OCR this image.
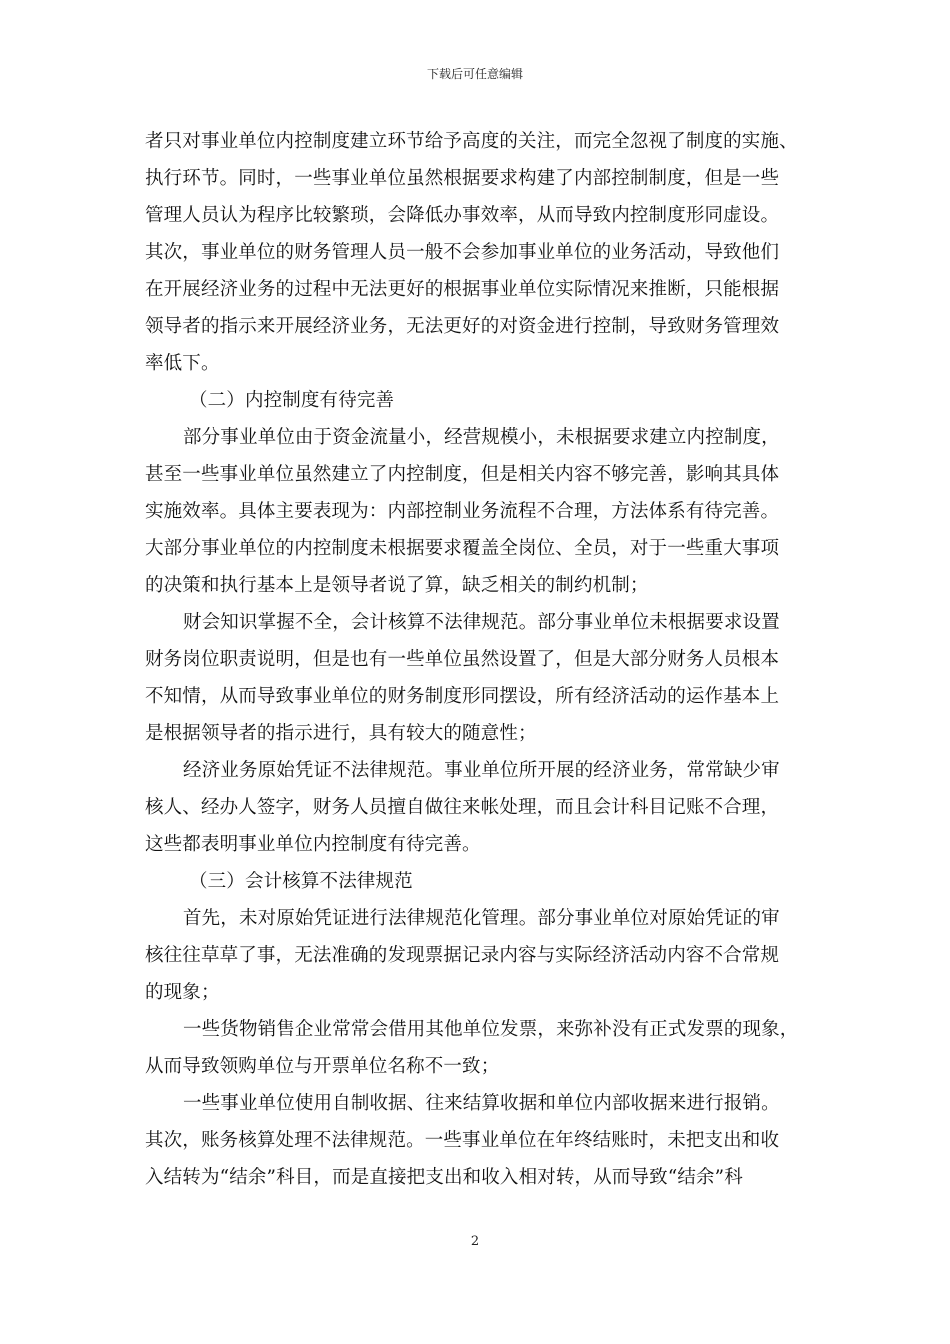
下载后可任意编辑
者只对事业单位内控制度建立环节给予高度的关注，而完全忽视了制度的实施、
执行环节。同时，一些事业单位虽然根据要求构建了内部控制制度，但是一些
管理人员认为程序比较繁琐，会降低办事效率，从而导致内控制度形同虚设。
其次，事业单位的财务管理人员一般不会参加事业单位的业务活动，导致他们
在开展经济业务的过程中无法更好的根据事业单位实际情况来推断，只能根据
领导者的指示来开展经济业务，无法更好的对资金进行控制，导致财务管理效
率低下。
（二）内控制度有待完善
部分事业单位由于资金流量小，经营规模小，未根据要求建立内控制度，
甚至一些事业单位虽然建立了内控制度，但是相关内容不够完善，影响其具体
实施效率。具体主要表现为：内部控制业务流程不合理，方法体系有待完善。
大部分事业单位的内控制度未根据要求覆盖全岗位、全员，对于一些重大事项
的决策和执行基本上是领导者说了算，缺乏相关的制约机制；
财会知识掌握不全，会计核算不法律规范。部分事业单位未根据要求设置
财务岗位职责说明，但是也有一些单位虽然设置了，但是大部分财务人员根本
不知情，从而导致事业单位的财务制度形同摆设，所有经济活动的运作基本上
是根据领导者的指示进行，具有较大的随意性；
经济业务原始凭证不法律规范。事业单位所开展的经济业务，常常缺少审
核人、经办人签字，财务人员擅自做往来帐处理，而且会计科目记账不合理，
这些都表明事业单位内控制度有待完善。
（三）会计核算不法律规范
首先，未对原始凭证进行法律规范化管理。部分事业单位对原始凭证的审
核往往草草了事，无法准确的发现票据记录内容与实际经济活动内容不合常规
的现象；
一些货物销售企业常常会借用其他单位发票，来弥补没有正式发票的现象，
从而导致领购单位与开票单位名称不一致；
一些事业单位使用自制收据、往来结算收据和单位内部收据来进行报销。
其次，账务核算处理不法律规范。一些事业单位在年终结账时，未把支出和收
入结转为“结余”科目，而是直接把支出和收入相对转，从而导致“结余”科
2
